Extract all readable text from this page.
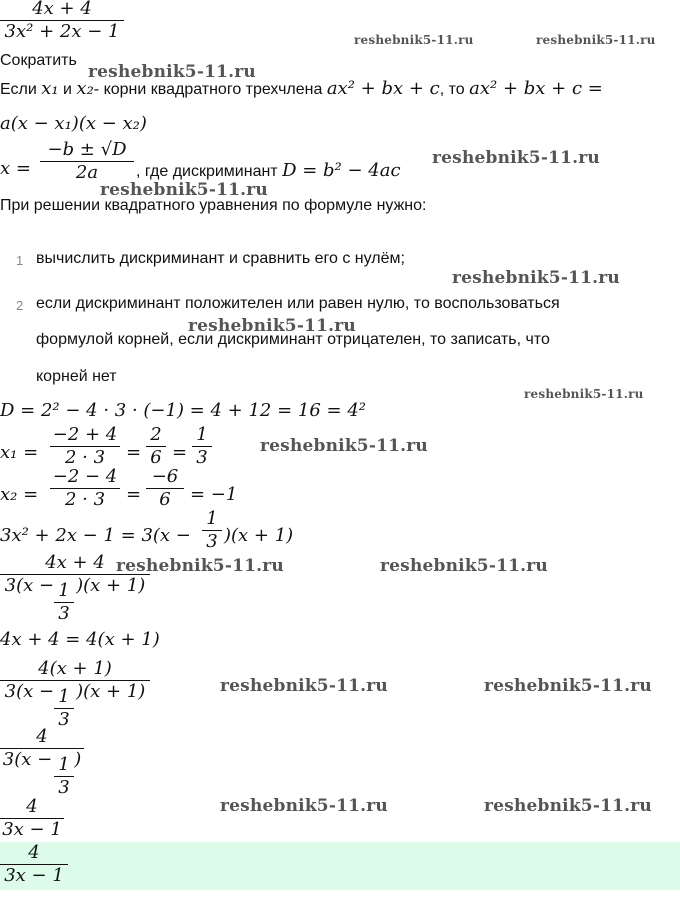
4x + 4
3x² + 2x − 1
Сократить
Если x₁ и x₂- корни квадратного трехчлена ax² + bx + c, то ax² + bx + c =
a(x − x₁)(x − x₂)
x =
−b ± √D
2a , где дискриминант D = b² − 4ac
При решении квадратного уравнения по формуле нужно:
1 вычислить дискриминант и сравнить его с нулём;
2 если дискриминант положителен или равен нулю, то воспользоваться
формулой корней, если дискриминант отрицателен, то записать, что
корней нет
D = 2² − 4 · 3 · (−1) = 4 + 12 = 16 = 4²
x₁ =
−2 + 4
2 · 3 =
2
6 =
1
3
x₂ =
−2 − 4
2 · 3 =
−6
6 = −1
3x² + 2x − 1 = 3(x −
1
3 )(x + 1)
4x + 4
3(x − )(x + 1)
1
3
4x + 4 = 4(x + 1)
4(x + 1)
3(x − )(x + 1)
1
3
4
3(x − )
1
3
4
3x − 1
4
3x − 1
reshebnik5-11.ru	reshebnik5-11.ru
reshebnik5-11.ru
reshebnik5-11.ru
reshebnik5-11.ru
reshebnik5-11.ru
reshebnik5-11.ru
reshebnik5-11.ru
reshebnik5-11.ru
reshebnik5-11.ru	reshebnik5-11.ru
reshebnik5-11.ru	reshebnik5-11.ru
reshebnik5-11.ru	reshebnik5-11.ru
